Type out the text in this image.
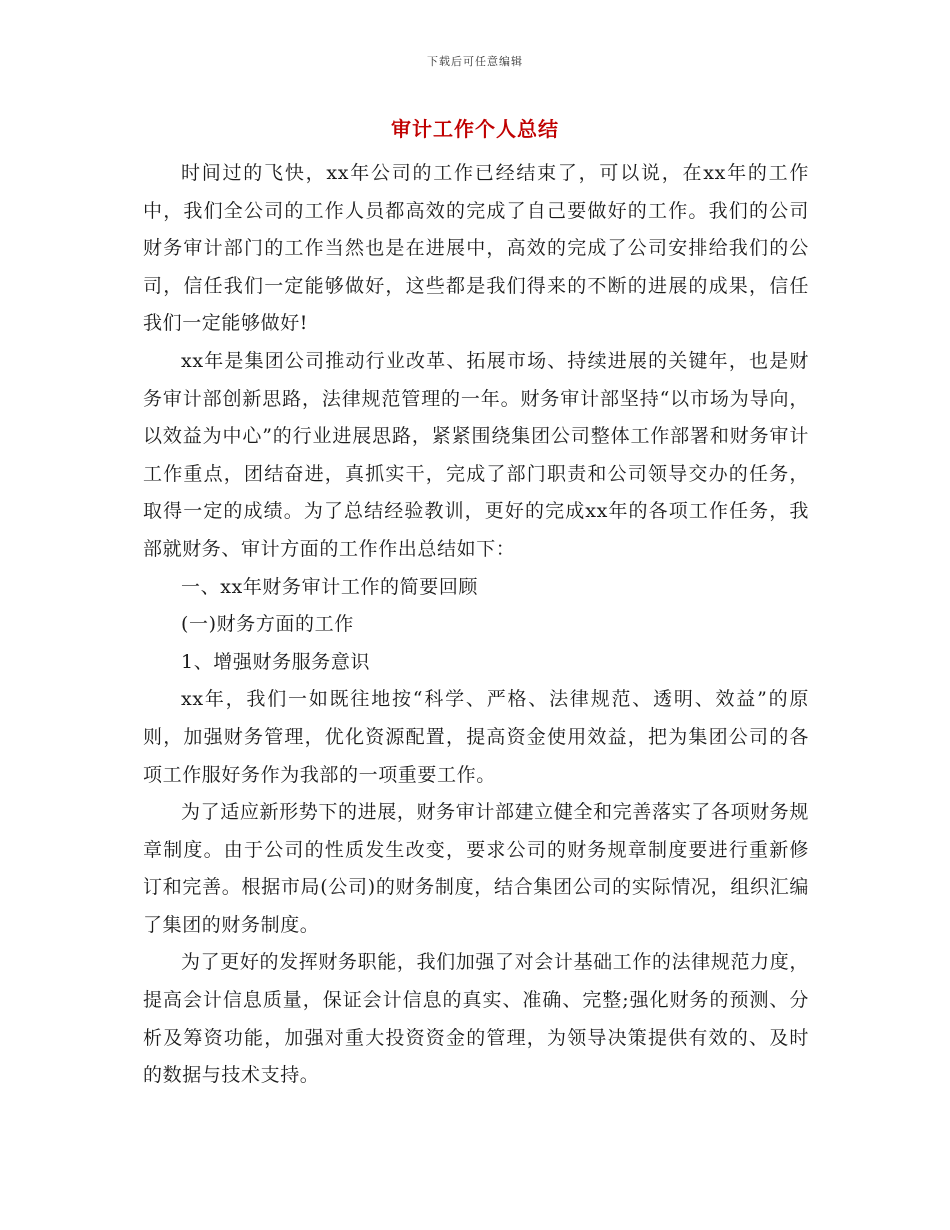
下载后可任意编辑
审计工作个人总结

时间过的飞快，xx年公司的工作已经结束了，可以说，在xx年的工作中，我们全公司的工作人员都高效的完成了自己要做好的工作。我们的公司财务审计部门的工作当然也是在进展中，高效的完成了公司安排给我们的公司，信任我们一定能够做好，这些都是我们得来的不断的进展的成果，信任我们一定能够做好!

xx年是集团公司推动行业改革、拓展市场、持续进展的关键年，也是财务审计部创新思路，法律规范管理的一年。财务审计部坚持“以市场为导向，以效益为中心”的行业进展思路，紧紧围绕集团公司整体工作部署和财务审计工作重点，团结奋进，真抓实干，完成了部门职责和公司领导交办的任务，取得一定的成绩。为了总结经验教训，更好的完成xx年的各项工作任务，我部就财务、审计方面的工作作出总结如下：

一、xx年财务审计工作的简要回顾

(一)财务方面的工作

1、增强财务服务意识

xx年，我们一如既往地按“科学、严格、法律规范、透明、效益”的原则，加强财务管理，优化资源配置，提高资金使用效益，把为集团公司的各项工作服好务作为我部的一项重要工作。

为了适应新形势下的进展，财务审计部建立健全和完善落实了各项财务规章制度。由于公司的性质发生改变，要求公司的财务规章制度要进行重新修订和完善。根据市局(公司)的财务制度，结合集团公司的实际情况，组织汇编了集团的财务制度。

为了更好的发挥财务职能，我们加强了对会计基础工作的法律规范力度，提高会计信息质量，保证会计信息的真实、准确、完整;强化财务的预测、分析及筹资功能，加强对重大投资资金的管理，为领导决策提供有效的、及时的数据与技术支持。
